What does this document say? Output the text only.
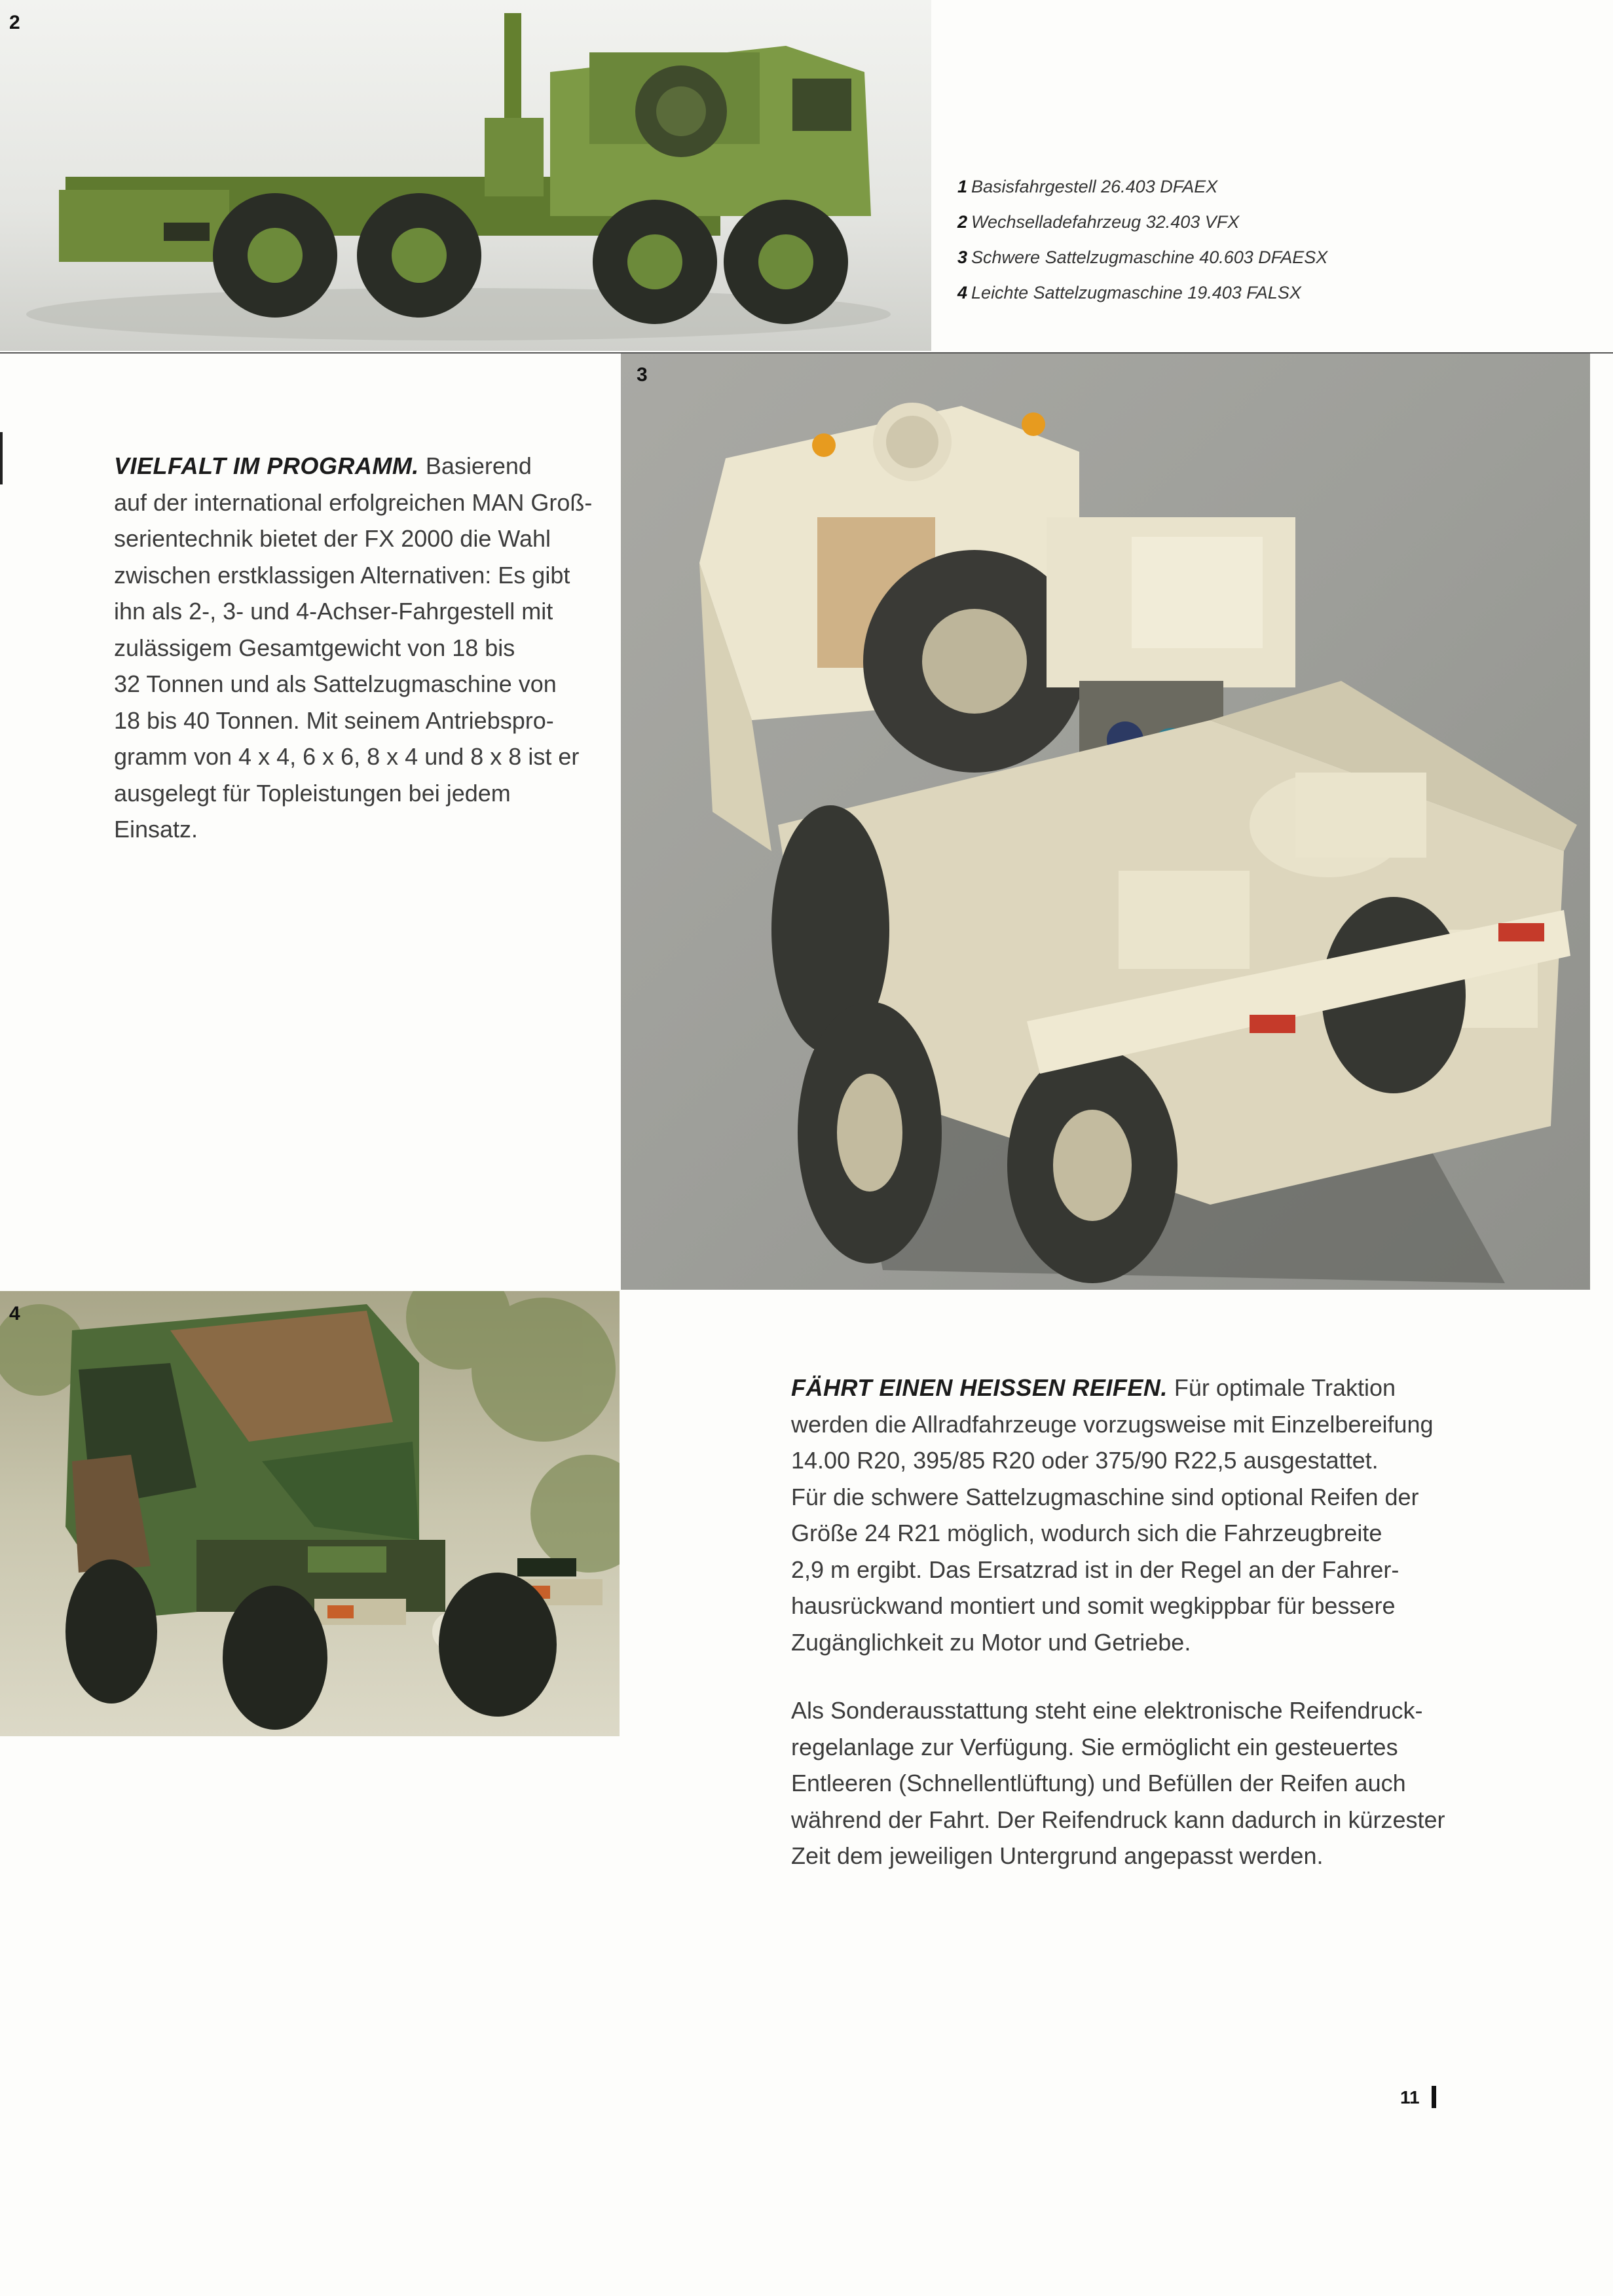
2
1 Basisfahrgestell 26.403 DFAEX
2 Wechselladefahrzeug 32.403 VFX
3 Schwere Sattelzugmaschine 40.603 DFAESX
4 Leichte Sattelzugmaschine 19.403 FALSX
3

VIELFALT IM PROGRAMM. Basierend

auf der international erfolgreichen MAN Groß-

serientechnik bietet der FX 2000 die Wahl

zwischen erstklassigen Alternativen: Es gibt

ihn als 2-, 3- und 4-Achser-Fahrgestell mit

zulässigem Gesamtgewicht von 18 bis

32 Tonnen und als Sattelzugmaschine von

18 bis 40 Tonnen. Mit seinem Antriebspro-

gramm von 4 x 4, 6 x 6, 8 x 4 und 8 x 8 ist er

ausgelegt für Topleistungen bei jedem Einsatz.

4

FÄHRT EINEN HEISSEN REIFEN. Für optimale Traktion

werden die Allradfahrzeuge vorzugsweise mit Einzelbereifung

14.00 R20, 395/85 R20 oder 375/90 R22,5 ausgestattet.

Für die schwere Sattelzugmaschine sind optional Reifen der

Größe 24 R21 möglich, wodurch sich die Fahrzeugbreite

2,9 m ergibt. Das Ersatzrad ist in der Regel an der Fahrer-

hausrückwand montiert und somit wegkippbar für bessere

Zugänglichkeit zu Motor und Getriebe.

Als Sonderausstattung steht eine elektronische Reifendruck-

regelanlage zur Verfügung. Sie ermöglicht ein gesteuertes

Entleeren (Schnellentlüftung) und Befüllen der Reifen auch

während der Fahrt. Der Reifendruck kann dadurch in kürzester

Zeit dem jeweiligen Untergrund angepasst werden.

11
